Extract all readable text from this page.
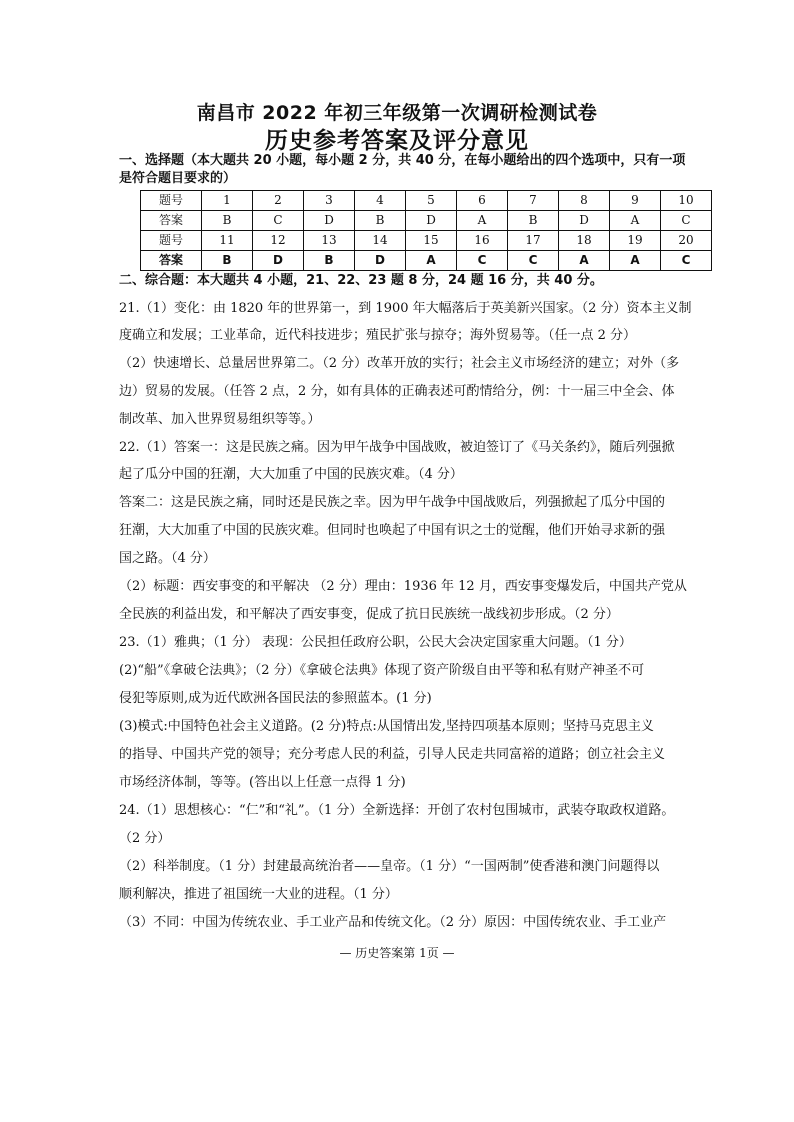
南昌市 2022 年初三年级第一次调研检测试卷
历史参考答案及评分意见
一、选择题（本大题共 20 小题，每小题 2 分，共 40 分，在每小题给出的四个选项中，只有一项
是符合题目要求的）
题号	1	2	3	4	5	6	7	8	9	10
答案	B	C	D	B	D	A	B	D	A	C
题号	11	12	13	14	15	16	17	18	19	20
答案	B	D	B	D	A	C	C	A	A	C
二、综合题：本大题共 4 小题，21、22、23 题 8 分，24 题 16 分，共 40 分。
21.（1）变化：由 1820 年的世界第一，到 1900 年大幅落后于英美新兴国家。（2 分）资本主义制
度确立和发展；工业革命，近代科技进步；殖民扩张与掠夺；海外贸易等。（任一点 2 分）
（2）快速增长、总量居世界第二。（2 分）改革开放的实行；社会主义市场经济的建立；对外（多
边）贸易的发展。（任答 2 点，2 分，如有具体的正确表述可酌情给分，例：十一届三中全会、体
制改革、加入世界贸易组织等等。）
22.（1）答案一：这是民族之痛。因为甲午战争中国战败，被迫签订了《马关条约》，随后列强掀
起了瓜分中国的狂潮，大大加重了中国的民族灾难。（4 分）
答案二：这是民族之痛，同时还是民族之幸。因为甲午战争中国战败后，列强掀起了瓜分中国的
狂潮，大大加重了中国的民族灾难。但同时也唤起了中国有识之士的觉醒，他们开始寻求新的强
国之路。（4 分）
（2）标题：西安事变的和平解决 （2 分）理由：1936 年 12 月，西安事变爆发后，中国共产党从
全民族的利益出发，和平解决了西安事变，促成了抗日民族统一战线初步形成。（2 分）
23.（1）雅典；（1 分） 表现：公民担任政府公职，公民大会决定国家重大问题。（1 分）
(2)“船”《拿破仑法典》；（2 分）《拿破仑法典》体现了资产阶级自由平等和私有财产神圣不可
侵犯等原则,成为近代欧洲各国民法的参照蓝本。(1 分)
(3)模式:中国特色社会主义道路。(2 分)特点:从国情出发,坚持四项基本原则；坚持马克思主义
的指导、中国共产党的领导；充分考虑人民的利益，引导人民走共同富裕的道路；创立社会主义
市场经济体制，等等。(答出以上任意一点得 1 分)
24.（1）思想核心：“仁”和“礼”。（1 分）全新选择：开创了农村包围城市，武装夺取政权道路。
（2 分）
（2）科举制度。（1 分）封建最高统治者——皇帝。（1 分）“一国两制”使香港和澳门问题得以
顺利解决，推进了祖国统一大业的进程。（1 分）
（3）不同：中国为传统农业、手工业产品和传统文化。（2 分）原因：中国传统农业、手工业产
— 历史答案第 1页 —
